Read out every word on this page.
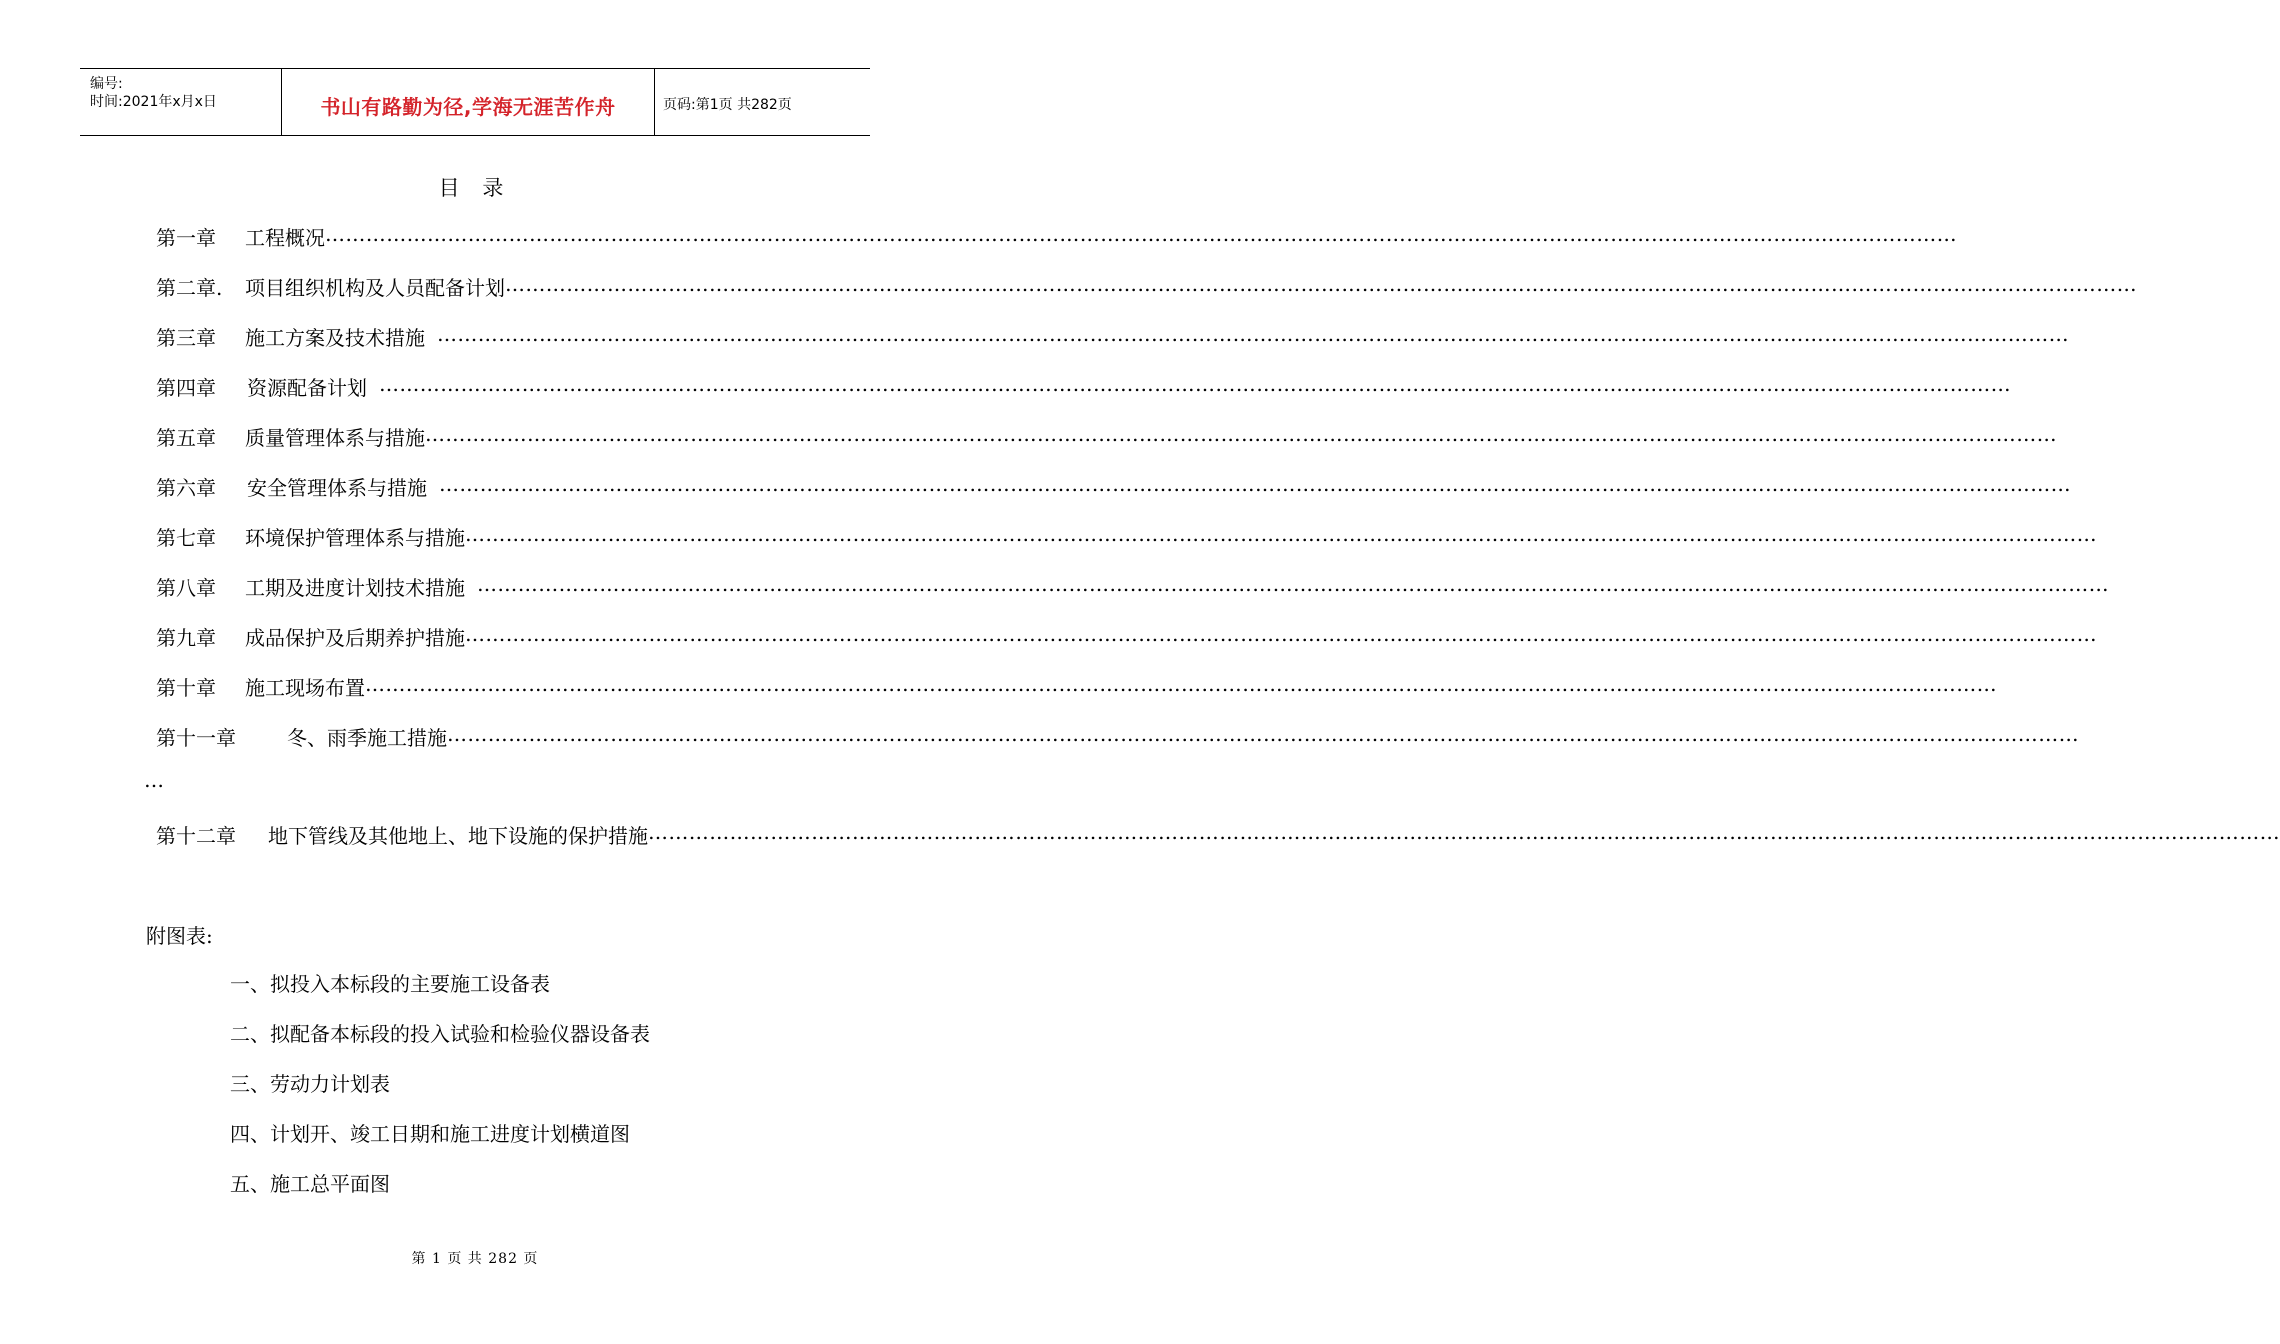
编号:
时间:2021年x月x日	书山有路勤为径,学海无涯苦作舟	页码:第1页 共282页
目 录
第一章 工程概况 ……………………………………………………………………………………………………………………………………………………………………………………………………………………
第二章. 项目组织机构及人员配备计划 ……………………………………………………………………………………………………………………………………………………………………………………………………………………
第三章 施工方案及技术措施 ……………………………………………………………………………………………………………………………………………………………………………………………………………………
第四章 资源配备计划 ……………………………………………………………………………………………………………………………………………………………………………………………………………………
第五章 质量管理体系与措施 ……………………………………………………………………………………………………………………………………………………………………………………………………………………
第六章 安全管理体系与措施 ……………………………………………………………………………………………………………………………………………………………………………………………………………………
第七章 环境保护管理体系与措施 ……………………………………………………………………………………………………………………………………………………………………………………………………………………
第八章 工期及进度计划技术措施 ……………………………………………………………………………………………………………………………………………………………………………………………………………………
第九章 成品保护及后期养护措施 ……………………………………………………………………………………………………………………………………………………………………………………………………………………
第十章 施工现场布置 ……………………………………………………………………………………………………………………………………………………………………………………………………………………
第十一章	冬、雨季施工措施 ……………………………………………………………………………………………………………………………………………………………………………………………………………………
第十二章 地下管线及其他地上、地下设施的保护措施 ……………………………………………………………………………………………………………………………………………………………………………………………………………………
…
附图表:
一、拟投入本标段的主要施工设备表
二、拟配备本标段的投入试验和检验仪器设备表
三、劳动力计划表
四、计划开、竣工日期和施工进度计划横道图
五、施工总平面图
第 1 页 共 282 页
